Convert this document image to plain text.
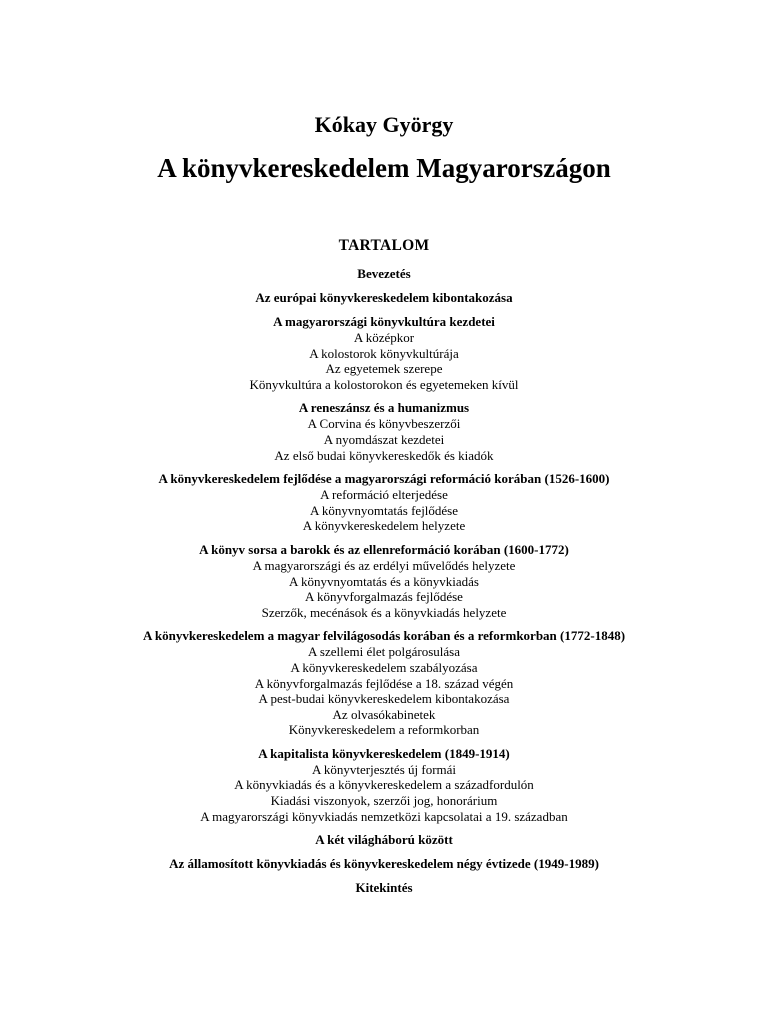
Kókay György
A könyvkereskedelem Magyarországon
TARTALOM
Bevezetés
Az európai könyvkereskedelem kibontakozása
A magyarországi könyvkultúra kezdetei
A középkor
A kolostorok könyvkultúrája
Az egyetemek szerepe
Könyvkultúra a kolostorokon és egyetemeken kívül
A reneszánsz és a humanizmus
A Corvina és könyvbeszerzői
A nyomdászat kezdetei
Az első budai könyvkereskedők és kiadók
A könyvkereskedelem fejlődése a magyarországi reformáció korában (1526-1600)
A reformáció elterjedése
A könyvnyomtatás fejlődése
A könyvkereskedelem helyzete
A könyv sorsa a barokk és az ellenreformáció korában (1600-1772)
A magyarországi és az erdélyi művelődés helyzete
A könyvnyomtatás és a könyvkiadás
A könyvforgalmazás fejlődése
Szerzők, mecénások és a könyvkiadás helyzete
A könyvkereskedelem a magyar felvilágosodás korában és a reformkorban (1772-1848)
A szellemi élet polgárosulása
A könyvkereskedelem szabályozása
A könyvforgalmazás fejlődése a 18. század végén
A pest-budai könyvkereskedelem kibontakozása
Az olvasókabinetek
Könyvkereskedelem a reformkorban
A kapitalista könyvkereskedelem (1849-1914)
A könyvterjesztés új formái
A könyvkiadás és a könyvkereskedelem a századfordulón
Kiadási viszonyok, szerzői jog, honorárium
A magyarországi könyvkiadás nemzetközi kapcsolatai a 19. században
A két világháború között
Az államosított könyvkiadás és könyvkereskedelem négy évtizede (1949-1989)
Kitekintés
